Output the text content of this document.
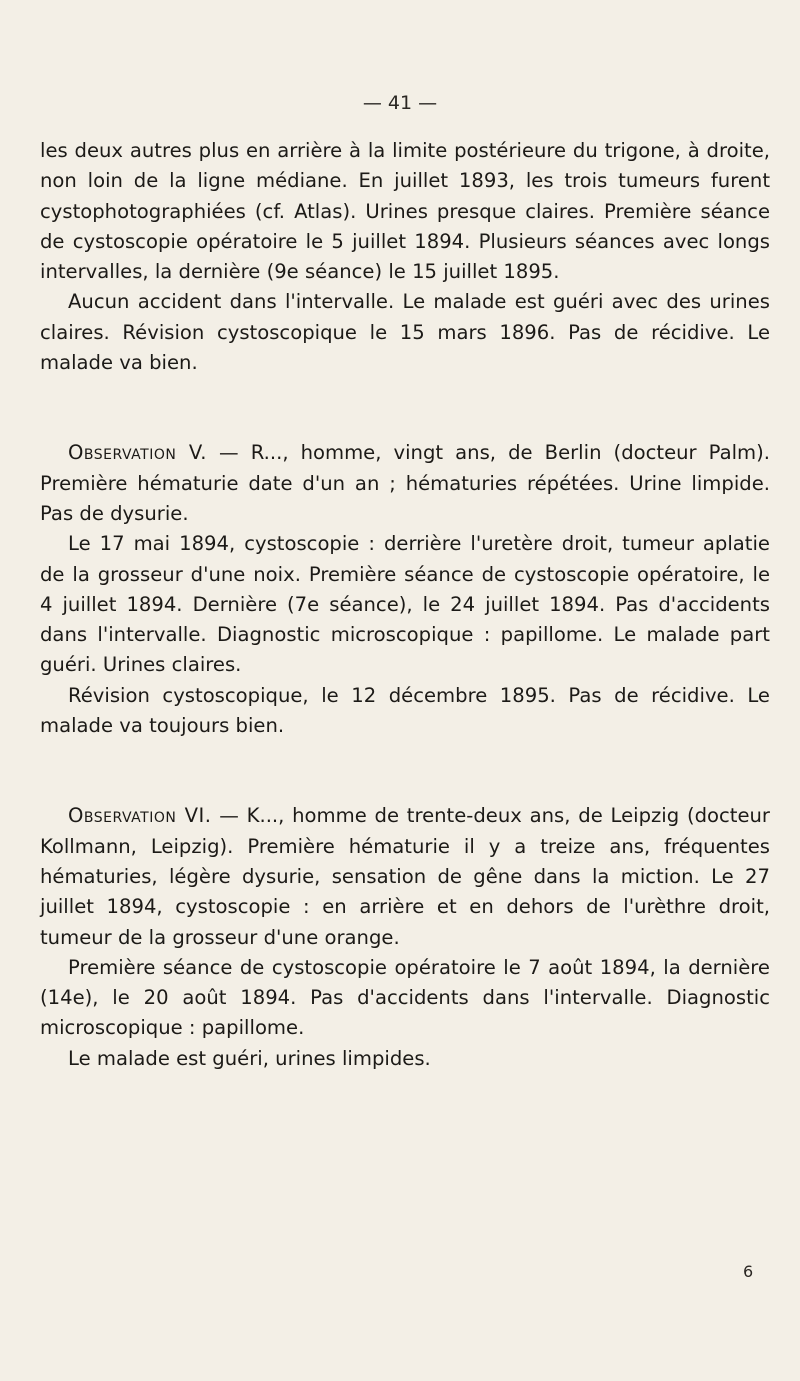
— 41 —

les deux autres plus en arrière à la limite postérieure du trigone, à droite, non loin de la ligne médiane. En juillet 1893, les trois tumeurs furent cystophotographiées (cf. Atlas). Urines presque claires. Première séance de cystoscopie opératoire le 5 juillet 1894. Plusieurs séances avec longs intervalles, la dernière (9e séance) le 15 juillet 1895.

Aucun accident dans l'intervalle. Le malade est guéri avec des urines claires. Révision cystoscopique le 15 mars 1896. Pas de récidive. Le malade va bien.

Observation V. — R..., homme, vingt ans, de Berlin (docteur Palm). Première hématurie date d'un an ; hématuries répétées. Urine limpide. Pas de dysurie.

Le 17 mai 1894, cystoscopie : derrière l'uretère droit, tumeur aplatie de la grosseur d'une noix. Première séance de cystoscopie opératoire, le 4 juillet 1894. Dernière (7e séance), le 24 juillet 1894. Pas d'accidents dans l'intervalle. Diagnostic microscopique : papillome. Le malade part guéri. Urines claires.

Révision cystoscopique, le 12 décembre 1895. Pas de récidive. Le malade va toujours bien.

Observation VI. — K..., homme de trente-deux ans, de Leipzig (docteur Kollmann, Leipzig). Première hématurie il y a treize ans, fréquentes hématuries, légère dysurie, sensation de gêne dans la miction. Le 27 juillet 1894, cystoscopie : en arrière et en dehors de l'urèthre droit, tumeur de la grosseur d'une orange.

Première séance de cystoscopie opératoire le 7 août 1894, la dernière (14e), le 20 août 1894. Pas d'accidents dans l'intervalle. Diagnostic microscopique : papillome.

Le malade est guéri, urines limpides.

6
